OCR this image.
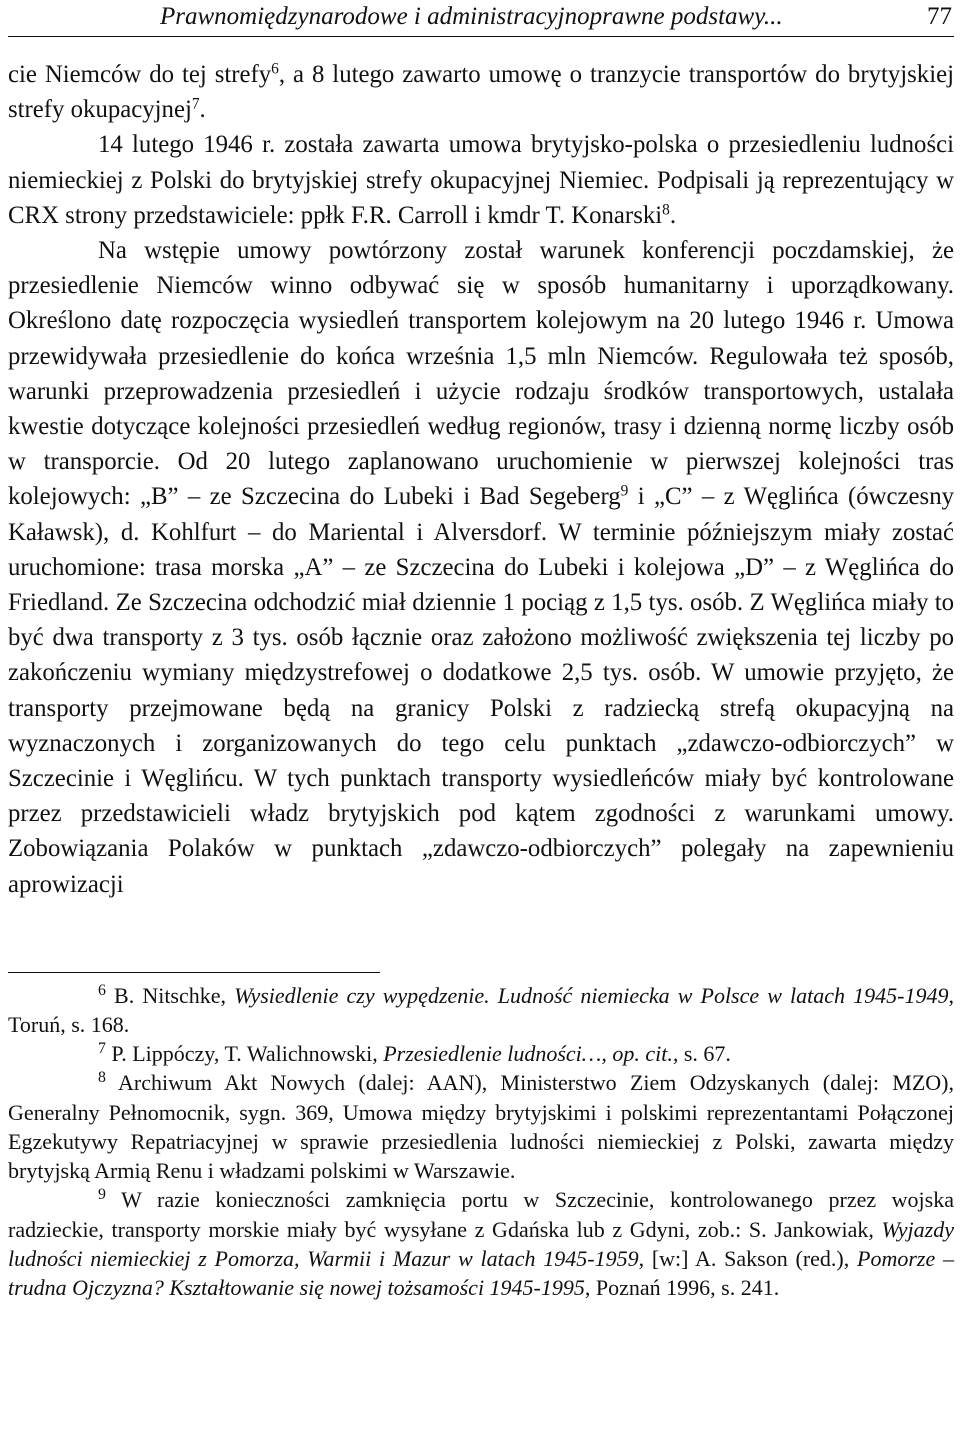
Prawnomiędzynarodowe i administracyjnoprawne podstawy...	77

cie Niemców do tej strefy$^6$, a 8 lutego zawarto umowę o tranzycie transportów do brytyjskiej strefy okupacyjnej$^7$.

14 lutego 1946 r. została zawarta umowa brytyjsko-polska o przesiedleniu ludności niemieckiej z Polski do brytyjskiej strefy okupacyjnej Niemiec. Podpisali ją reprezentujący w CRX strony przedstawiciele: ppłk F.R. Carroll i kmdr T. Konarski$^8$.

Na wstępie umowy powtórzony został warunek konferencji poczdamskiej, że przesiedlenie Niemców winno odbywać się w sposób humanitarny i uporządkowany. Określono datę rozpoczęcia wysiedleń transportem kolejowym na 20 lutego 1946 r. Umowa przewidywała przesiedlenie do końca września 1,5 mln Niemców. Regulowała też sposób, warunki przeprowadzenia przesiedleń i użycie rodzaju środków transportowych, ustalała kwestie dotyczące kolejności przesiedleń według regionów, trasy i dzienną normę liczby osób w transporcie. Od 20 lutego zaplanowano uruchomienie w pierwszej kolejności tras kolejowych: „B” – ze Szczecina do Lubeki i Bad Segeberg$^9$ i „C” – z Węglińca (ówczesny Kaławsk), d. Kohlfurt – do Mariental i Alversdorf. W terminie późniejszym miały zostać uruchomione: trasa morska „A” – ze Szczecina do Lubeki i kolejowa „D” – z Węglińca do Friedland. Ze Szczecina odchodzić miał dziennie 1 pociąg z 1,5 tys. osób. Z Węglińca miały to być dwa transporty z 3 tys. osób łącznie oraz założono możliwość zwiększenia tej liczby po zakończeniu wymiany międzystrefowej o dodatkowe 2,5 tys. osób. W umowie przyjęto, że transporty przejmowane będą na granicy Polski z radziecką strefą okupacyjną na wyznaczonych i zorganizowanych do tego celu punktach „zdawczo-odbiorczych” w Szczecinie i Węglińcu. W tych punktach transporty wysiedleńców miały być kontrolowane przez przedstawicieli władz brytyjskich pod kątem zgodności z warunkami umowy. Zobowiązania Polaków w punktach „zdawczo-odbiorczych” polegały na zapewnieniu aprowizacji

$^6$ B. Nitschke, Wysiedlenie czy wypędzenie. Ludność niemiecka w Polsce w latach 1945-1949, Toruń, s. 168.

$^7$ P. Lippóczy, T. Walichnowski, Przesiedlenie ludności…, op. cit., s. 67.

$^8$ Archiwum Akt Nowych (dalej: AAN), Ministerstwo Ziem Odzyskanych (dalej: MZO), Generalny Pełnomocnik, sygn. 369, Umowa między brytyjskimi i polskimi reprezentantami Połączonej Egzekutywy Repatriacyjnej w sprawie przesiedlenia ludności niemieckiej z Polski, zawarta między brytyjską Armią Renu i władzami polskimi w Warszawie.

$^9$ W razie konieczności zamknięcia portu w Szczecinie, kontrolowanego przez wojska radzieckie, transporty morskie miały być wysyłane z Gdańska lub z Gdyni, zob.: S. Jankowiak, Wyjazdy ludności niemieckiej z Pomorza, Warmii i Mazur w latach 1945-1959, [w:] A. Sakson (red.), Pomorze – trudna Ojczyzna? Kształtowanie się nowej tożsamości 1945-1995, Poznań 1996, s. 241.
